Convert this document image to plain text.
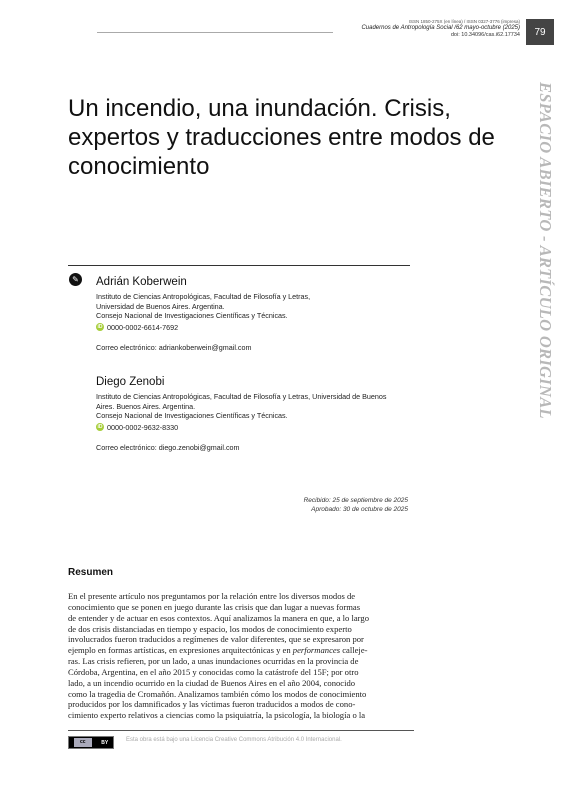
ISSN 1850-275X (en línea) / ISSN 0327-3776 (impresa)
Cuadernos de Antropología Social /62 mayo-octubre (2025)
doi: 10.34096/cas.i62.17734	79
ESPACIO ABIERTO - ARTÍCULO ORIGINAL
Un incendio, una inundación. Crisis, expertos y traducciones entre modos de conocimiento
✎ Adrián Koberwein
Instituto de Ciencias Antropológicas, Facultad de Filosofía y Letras,
Universidad de Buenos Aires. Argentina.
Consejo Nacional de Investigaciones Científicas y Técnicas.
iD 0000-0002-6614-7692
Correo electrónico: adriankoberwein@gmail.com
Diego Zenobi
Instituto de Ciencias Antropológicas, Facultad de Filosofía y Letras, Universidad de Buenos
Aires. Buenos Aires. Argentina.
Consejo Nacional de Investigaciones Científicas y Técnicas.
iD 0000-0002-9632-8330
Correo electrónico: diego.zenobi@gmail.com
Recibido: 25 de septiembre de 2025
Aprobado: 30 de octubre de 2025
Resumen

En el presente artículo nos preguntamos por la relación entre los diversos modos de
conocimiento que se ponen en juego durante las crisis que dan lugar a nuevas formas
de entender y de actuar en esos contextos. Aquí analizamos la manera en que, a lo largo
de dos crisis distanciadas en tiempo y espacio, los modos de conocimiento experto
involucrados fueron traducidos a regímenes de valor diferentes, que se expresaron por
ejemplo en formas artísticas, en expresiones arquitectónicas y en performances calleje-
ras. Las crisis refieren, por un lado, a unas inundaciones ocurridas en la provincia de
Córdoba, Argentina, en el año 2015 y conocidas como la catástrofe del 15F; por otro
lado, a un incendio ocurrido en la ciudad de Buenos Aires en el año 2004, conocido
como la tragedia de Cromañón. Analizamos también cómo los modos de conocimiento
producidos por los damnificados y las víctimas fueron traducidos a modos de cono-
cimiento experto relativos a ciencias como la psiquiatría, la psicología, la biología o la

cc	BY	Esta obra está bajo una Licencia Creative Commons Atribución 4.0 Internacional.
